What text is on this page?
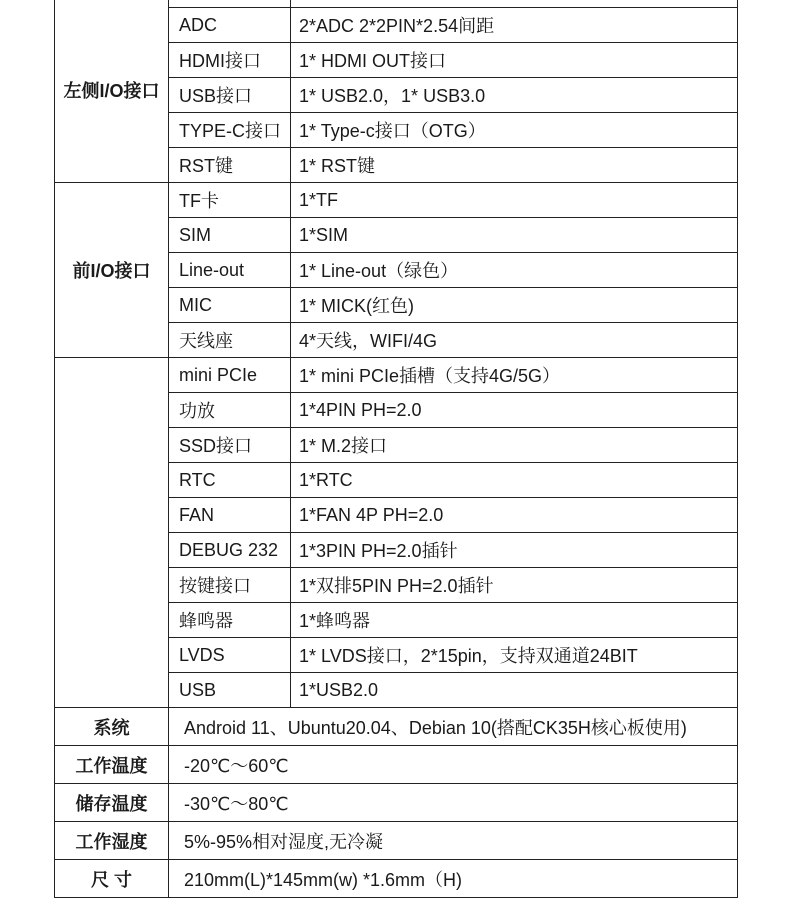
左侧I/O接口		
	ADC	2*ADC 2*2PIN*2.54间距
	HDMI接口	1* HDMI OUT接口
	USB接口	1* USB2.0，1* USB3.0
	TYPE-C接口	1* Type-c接口（OTG）
	RST键	1* RST键
前I/O接口	TF卡	1*TF
	SIM	1*SIM
	Line-out	1* Line-out（绿色）
	MIC	1* MICK(红色)
	天线座	4*天线，WIFI/4G
	mini PCIe	1* mini PCIe插槽（支持4G/5G）
	功放	1*4PIN PH=2.0
	SSD接口	1* M.2接口
	RTC	1*RTC
	FAN	1*FAN 4P PH=2.0
	DEBUG 232	1*3PIN PH=2.0插针
	按键接口	1*双排5PIN PH=2.0插针
	蜂鸣器	1*蜂鸣器
	LVDS	1* LVDS接口，2*15pin，支持双通道24BIT
	USB	1*USB2.0
系统	Android 11、Ubuntu20.04、Debian 10(搭配CK35H核心板使用)	
工作温度	-20℃～60℃	
储存温度	-30℃～80℃	
工作湿度	5%-95%相对湿度,无冷凝	
尺 寸	210mm(L)*145mm(w) *1.6mm（H)	
